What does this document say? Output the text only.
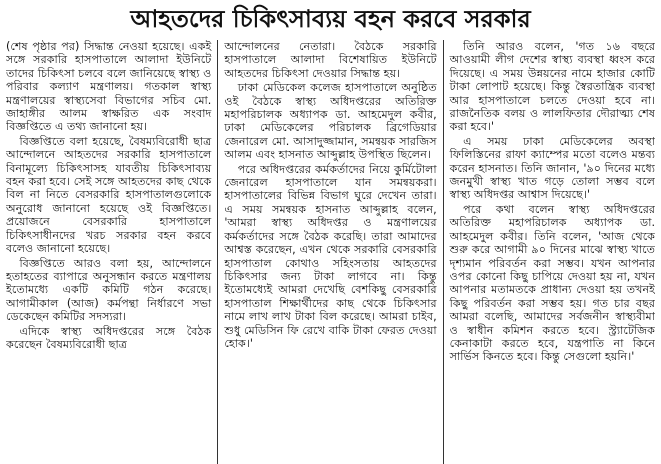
আহতদের চিকিৎসাব্যয় বহন করবে সরকার

(শেষ পৃষ্ঠার পর) সিদ্ধান্ত নেওয়া হয়েছে। একই সঙ্গে সরকারি হাসপাতালে আলাদা ইউনিটে তাদের চিকিৎসা চলবে বলে জানিয়েছে স্বাস্থ্য ও পরিবার কল্যাণ মন্ত্রণালয়। গতকাল স্বাস্থ্য মন্ত্রণালয়ের স্বাস্থ্যসেবা বিভাগের সচিব মো. জাহাঙ্গীর আলম স্বাক্ষরিত এক সংবাদ বিজ্ঞপ্তিতে এ তথ্য জানানো হয়।

বিজ্ঞপ্তিতে বলা হয়েছে, বৈষম্যবিরোধী ছাত্র আন্দোলনে আহতদের সরকারি হাসপাতালে বিনামূল্যে চিকিৎসাসহ যাবতীয় চিকিৎসাব্যয় বহন করা হবে। সেই সঙ্গে আহতদের কাছ থেকে বিল না নিতে বেসরকারি হাসপাতালগুলোকে অনুরোধ জানানো হয়েছে ওই বিজ্ঞপ্তিতে। প্রয়োজনে বেসরকারি হাসপাতালে চিকিৎসাধীনদের খরচ সরকার বহন করবে বলেও জানানো হয়েছে।

বিজ্ঞপ্তিতে আরও বলা হয়, আন্দোলনে হতাহতের ব্যাপারে অনুসন্ধান করতে মন্ত্রণালয় ইতোমধ্যে একটি কমিটি গঠন করেছে। আগামীকাল (আজ) কর্মপন্থা নির্ধারণে সভা ডেকেছেন কমিটির সদস্যরা।

এদিকে স্বাস্থ্য অধিদপ্তরের সঙ্গে বৈঠক করেছেন বৈষম্যবিরোধী ছাত্র

আন্দোলনের নেতারা। বৈঠকে সরকারি হাসপাতালে আলাদা বিশেষায়িত ইউনিটে আহতদের চিকিৎসা দেওয়ার সিদ্ধান্ত হয়।

ঢাকা মেডিকেল কলেজ হাসপাতালে অনুষ্ঠিত ওই বৈঠকে স্বাস্থ্য অধিদপ্তরের অতিরিক্ত মহাপরিচালক অধ্যাপক ডা. আহমেদুল কবীর, ঢাকা মেডিকেলের পরিচালক ব্রিগেডিয়ার জেনারেল মো. আসাদুজ্জামান, সমন্বয়ক সারজিস আলম এবং হাসনাত আব্দুল্লাহ উপস্থিত ছিলেন।

পরে অধিদপ্তরের কর্মকর্তাদের নিয়ে কুর্মিটোলা জেনারেল হাসপাতালে যান সমন্বয়করা। হাসপাতালের বিভিন্ন বিভাগ ঘুরে দেখেন তারা। এ সময় সমন্বয়ক হাসনাত আব্দুল্লাহ বলেন, 'আমরা স্বাস্থ্য অধিদপ্তর ও মন্ত্রণালয়ের কর্মকর্তাদের সঙ্গে বৈঠক করেছি। তারা আমাদের আশ্বস্ত করেছেন, এখন থেকে সরকারি বেসরকারি হাসপাতাল কোথাও সহিংসতায় আহতদের চিকিৎসার জন্য টাকা লাগবে না। কিন্তু ইতোমধ্যেই আমরা দেখেছি বেশকিছু বেসরকারি হাসপাতাল শিক্ষার্থীদের কাছ থেকে চিকিৎসার নামে লাখ লাখ টাকা বিল করেছে। আমরা চাইব, শুধু মেডিসিন ফি রেখে বাকি টাকা ফেরত দেওয়া হোক।'

তিনি আরও বলেন, 'গত ১৬ বছরে আওয়ামী লীগ দেশের স্বাস্থ্য ব্যবস্থা ধ্বংস করে দিয়েছে। এ সময় উন্নয়নের নামে হাজার কোটি টাকা লোপাট হয়েছে। কিন্তু স্বৈরতান্ত্রিক ব্যবস্থা আর হাসপাতালে চলতে দেওয়া হবে না। রাজনৈতিক বলয় ও লালফিতার দৌরাত্ম্য শেষ করা হবে।'

এ সময় ঢাকা মেডিকেলের অবস্থা ফিলিস্তিনের রাফা ক্যাম্পের মতো বলেও মন্তব্য করেন হাসনাত। তিনি জানান, '৯০ দিনের মধ্যে জনমুখী স্বাস্থ্য খাত গড়ে তোলা সম্ভব বলে স্বাস্থ্য অধিদপ্তর আশ্বাস দিয়েছে।'

পরে কথা বলেন স্বাস্থ্য অধিদপ্তরের অতিরিক্ত মহাপরিচালক অধ্যাপক ডা. আহমেদুল কবীর। তিনি বলেন, 'আজ থেকে শুরু করে আগামী ৯০ দিনের মাঝে স্বাস্থ্য খাতে দৃশ্যমান পরিবর্তন করা সম্ভব। যখন আপনার ওপর কোনো কিছু চাপিয়ে দেওয়া হয় না, যখন আপনার মতামতকে প্রাধান্য দেওয়া হয় তখনই কিছু পরিবর্তন করা সম্ভব হয়। গত চার বছর আমরা বলেছি, আমাদের সর্বজনীন স্বাস্থ্যবীমা ও স্বাধীন কমিশন করতে হবে। স্ট্র্যাটেজিক কেনাকাটা করতে হবে, যন্ত্রপাতি না কিনে সার্ভিস কিনতে হবে। কিন্তু সেগুলো হয়নি।'
